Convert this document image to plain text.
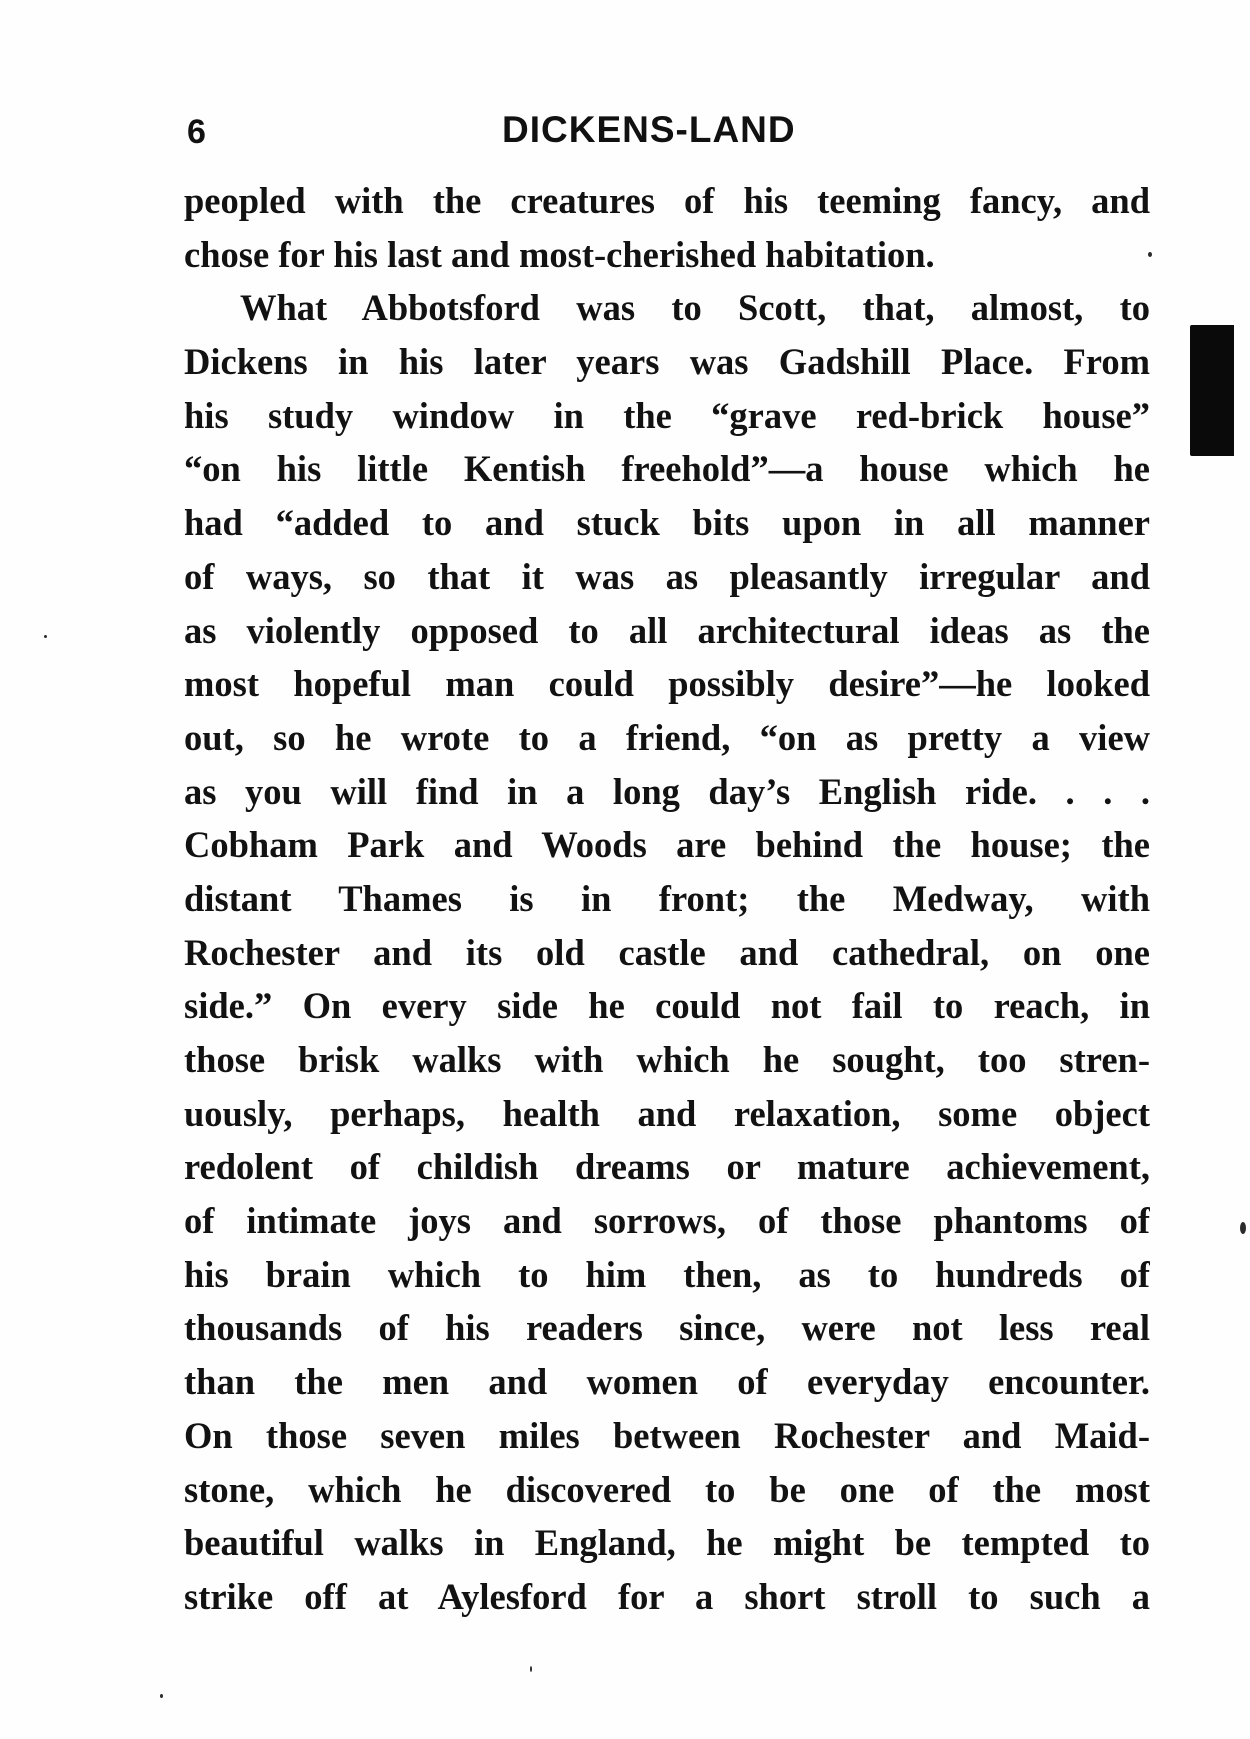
6	DICKENS-LAND
peopled with the creatures of his teeming fancy, and
chose for his last and most-cherished habitation.
What Abbotsford was to Scott, that, almost, to
Dickens in his later years was Gadshill Place. From
his study window in the “grave red-brick house”
“on his little Kentish freehold”—a house which he
had “added to and stuck bits upon in all manner
of ways, so that it was as pleasantly irregular and
as violently opposed to all architectural ideas as the
most hopeful man could possibly desire”—he looked
out, so he wrote to a friend, “on as pretty a view
as you will find in a long day’s English ride. . . .
Cobham Park and Woods are behind the house; the
distant Thames is in front; the Medway, with
Rochester and its old castle and cathedral, on one
side.” On every side he could not fail to reach, in
those brisk walks with which he sought, too stren-
uously, perhaps, health and relaxation, some object
redolent of childish dreams or mature achievement,
of intimate joys and sorrows, of those phantoms of
his brain which to him then, as to hundreds of
thousands of his readers since, were not less real
than the men and women of everyday encounter.
On those seven miles between Rochester and Maid-
stone, which he discovered to be one of the most
beautiful walks in England, he might be tempted to
strike off at Aylesford for a short stroll to such a
